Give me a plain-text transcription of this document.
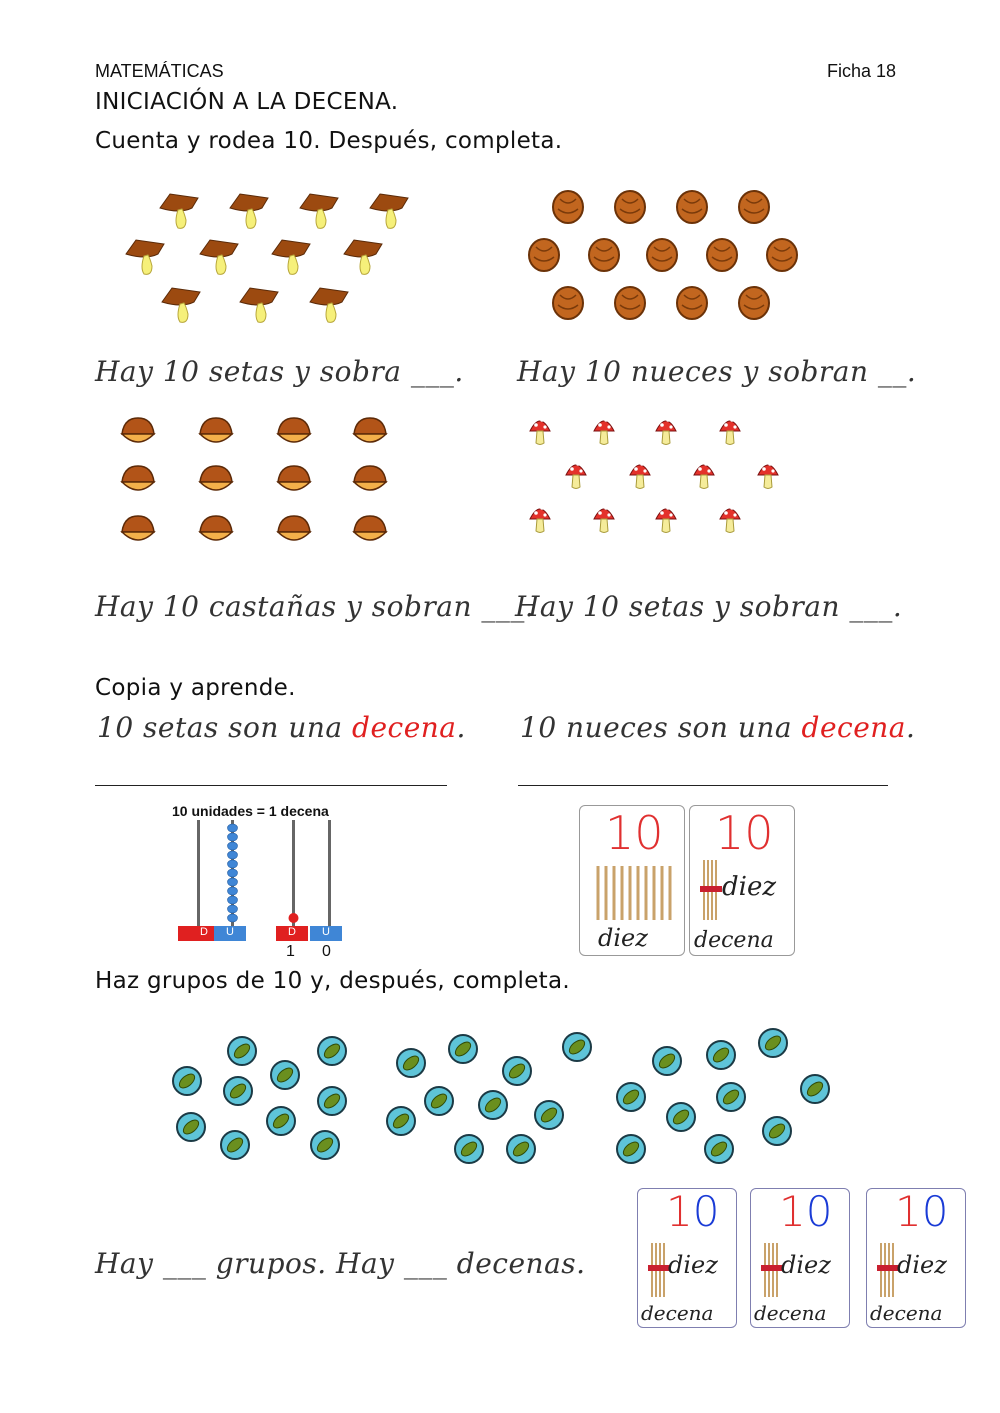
MATEMÁTICAS	Ficha 18
INICIACIÓN A LA DECENA.
Cuenta y rodea 10. Después, completa.
Hay 10 setas y sobra ___. Hay 10 nueces y sobran __.
Hay 10 castañas y sobran ___.
Hay 10 setas y sobran ___.
Copia y aprende.
10 setas son una decena. 10 nueces son una decena.
10 unidades = 1 decena
D	U	D	U
1 0
10
diez
10
diez
decena
Haz grupos de 10 y, después, completa.
Hay ___ grupos. Hay ___ decenas.
10
diez
decena
10
diez
decena
10
diez
decena
